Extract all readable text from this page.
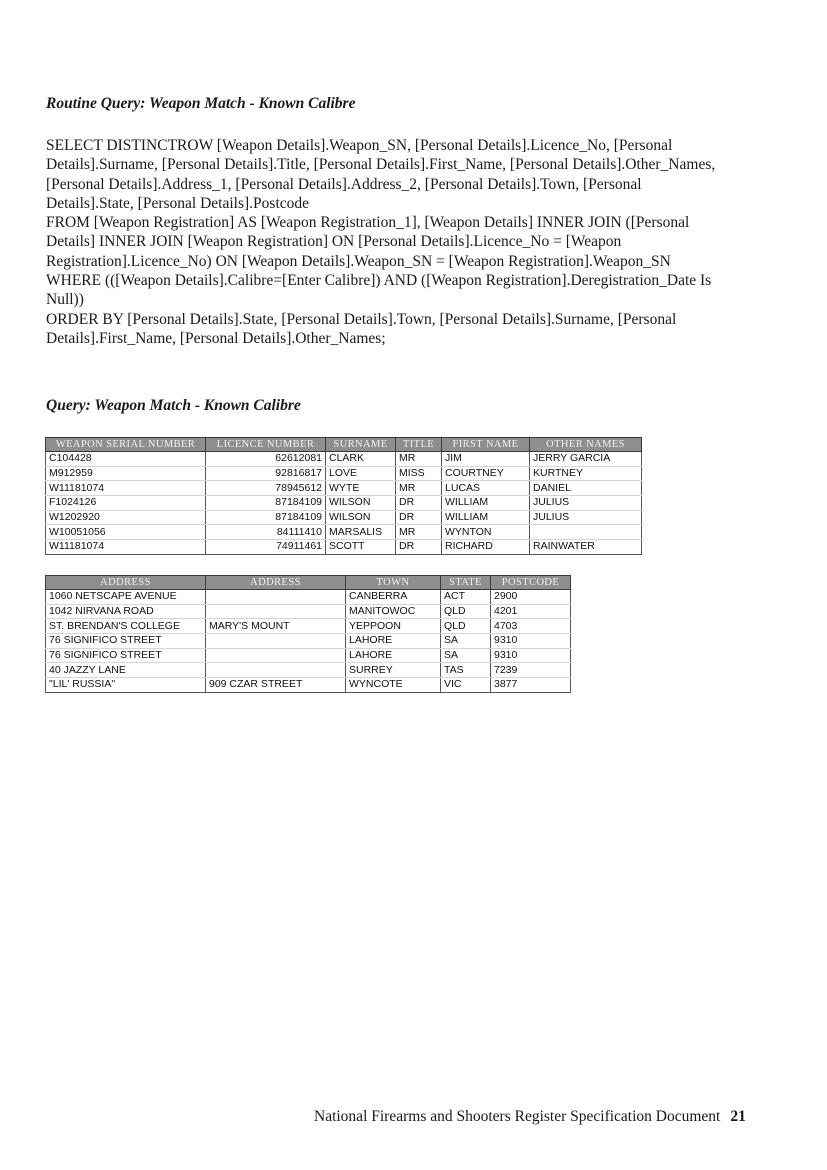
Routine Query: Weapon Match - Known Calibre
SELECT DISTINCTROW [Weapon Details].Weapon_SN, [Personal Details].Licence_No, [Personal
Details].Surname, [Personal Details].Title, [Personal Details].First_Name, [Personal Details].Other_Names,
[Personal Details].Address_1, [Personal Details].Address_2, [Personal Details].Town, [Personal
Details].State, [Personal Details].Postcode
FROM [Weapon Registration] AS [Weapon Registration_1], [Weapon Details] INNER JOIN ([Personal
Details] INNER JOIN [Weapon Registration] ON [Personal Details].Licence_No = [Weapon
Registration].Licence_No) ON [Weapon Details].Weapon_SN = [Weapon Registration].Weapon_SN
WHERE (([Weapon Details].Calibre=[Enter Calibre]) AND ([Weapon Registration].Deregistration_Date Is
Null))
ORDER BY [Personal Details].State, [Personal Details].Town, [Personal Details].Surname, [Personal
Details].First_Name, [Personal Details].Other_Names;
Query: Weapon Match - Known Calibre
WEAPON SERIAL NUMBER	LICENCE NUMBER	SURNAME	TITLE	FIRST NAME	OTHER NAMES
C104428	62612081	CLARK	MR	JIM	JERRY GARCIA
M912959	92816817	LOVE	MISS	COURTNEY	KURTNEY
W11181074	78945612	WYTE	MR	LUCAS	DANIEL
F1024126	87184109	WILSON	DR	WILLIAM	JULIUS
W1202920	87184109	WILSON	DR	WILLIAM	JULIUS
W10051056	84111410	MARSALIS	MR	WYNTON	
W11181074	74911461	SCOTT	DR	RICHARD	RAINWATER
ADDRESS	ADDRESS	TOWN	STATE	POSTCODE
1060 NETSCAPE AVENUE		CANBERRA	ACT	2900
1042 NIRVANA ROAD		MANITOWOC	QLD	4201
ST. BRENDAN'S COLLEGE	MARY'S MOUNT	YEPPOON	QLD	4703
76 SIGNIFICO STREET		LAHORE	SA	9310
76 SIGNIFICO STREET		LAHORE	SA	9310
40 JAZZY LANE		SURREY	TAS	7239
"LIL' RUSSIA"	909 CZAR STREET	WYNCOTE	VIC	3877
National Firearms and Shooters Register Specification Document 21
